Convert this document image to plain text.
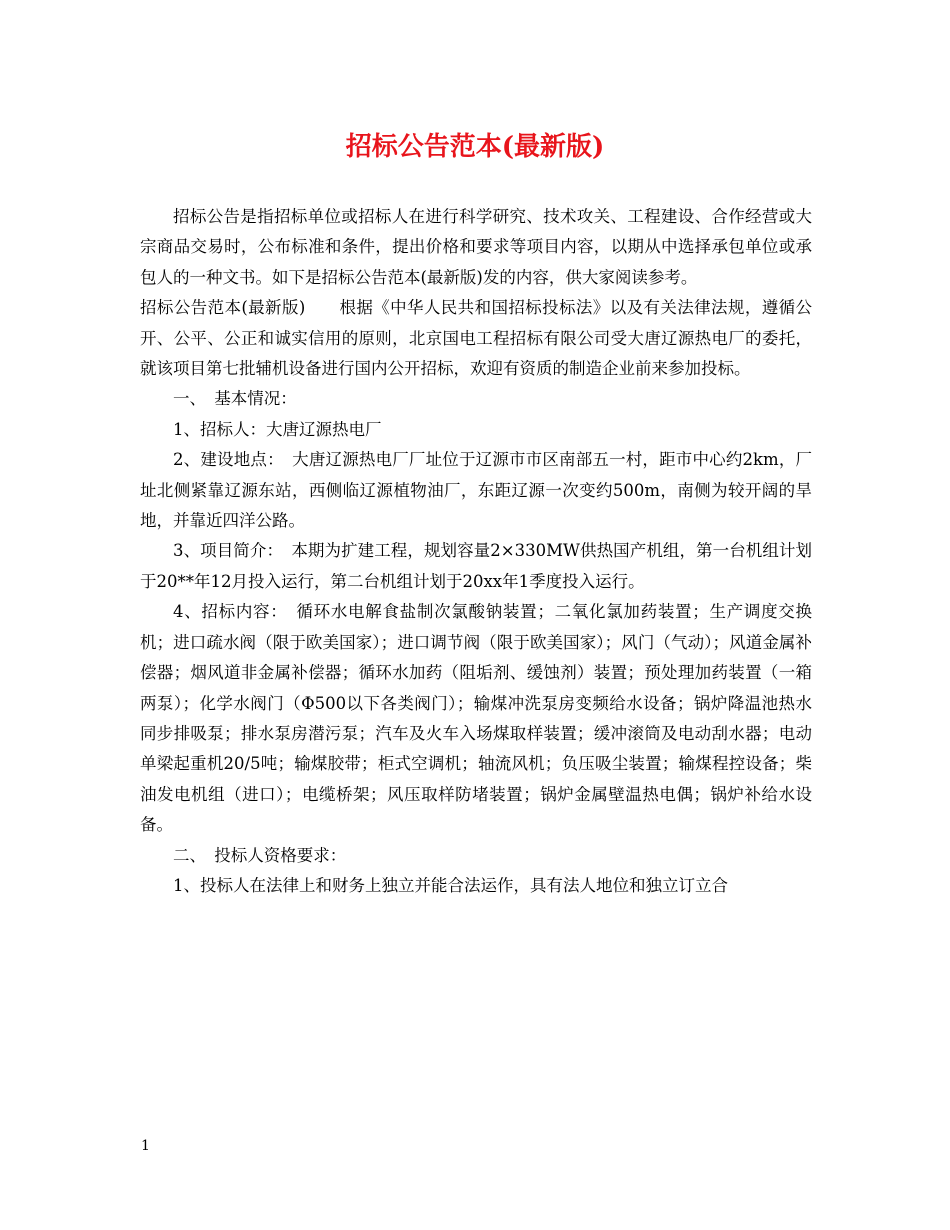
招标公告范本(最新版)

招标公告是指招标单位或招标人在进行科学研究、技术攻关、工程建设、合作经营或大宗商品交易时，公布标准和条件，提出价格和要求等项目内容，以期从中选择承包单位或承包人的一种文书。如下是招标公告范本(最新版)发的内容，供大家阅读参考。

招标公告范本(最新版)　　根据《中华人民共和国招标投标法》以及有关法律法规，遵循公开、公平、公正和诚实信用的原则，北京国电工程招标有限公司受大唐辽源热电厂的委托，就该项目第七批辅机设备进行国内公开招标，欢迎有资质的制造企业前来参加投标。

一、　基本情况：

1、招标人：大唐辽源热电厂

2、建设地点：　大唐辽源热电厂厂址位于辽源市市区南部五一村，距市中心约2km，厂址北侧紧靠辽源东站，西侧临辽源植物油厂，东距辽源一次变约500m，南侧为较开阔的旱地，并靠近四洋公路。

3、项目简介：　本期为扩建工程，规划容量2×330MW供热国产机组，第一台机组计划于20**年12月投入运行，第二台机组计划于20xx年1季度投入运行。

4、招标内容：　循环水电解食盐制次氯酸钠装置；二氧化氯加药装置；生产调度交换机；进口疏水阀（限于欧美国家）；进口调节阀（限于欧美国家）；风门（气动）；风道金属补偿器；烟风道非金属补偿器；循环水加药（阻垢剂、缓蚀剂）装置；预处理加药装置（一箱两泵）；化学水阀门（Φ500以下各类阀门）；输煤冲洗泵房变频给水设备；锅炉降温池热水同步排吸泵；排水泵房潜污泵；汽车及火车入场煤取样装置；缓冲滚筒及电动刮水器；电动单梁起重机20/5吨；输煤胶带；柜式空调机；轴流风机；负压吸尘装置；输煤程控设备；柴油发电机组（进口）；电缆桥架；风压取样防堵装置；锅炉金属壁温热电偶；锅炉补给水设备。

二、　投标人资格要求：

1、投标人在法律上和财务上独立并能合法运作，具有法人地位和独立订立合

1
